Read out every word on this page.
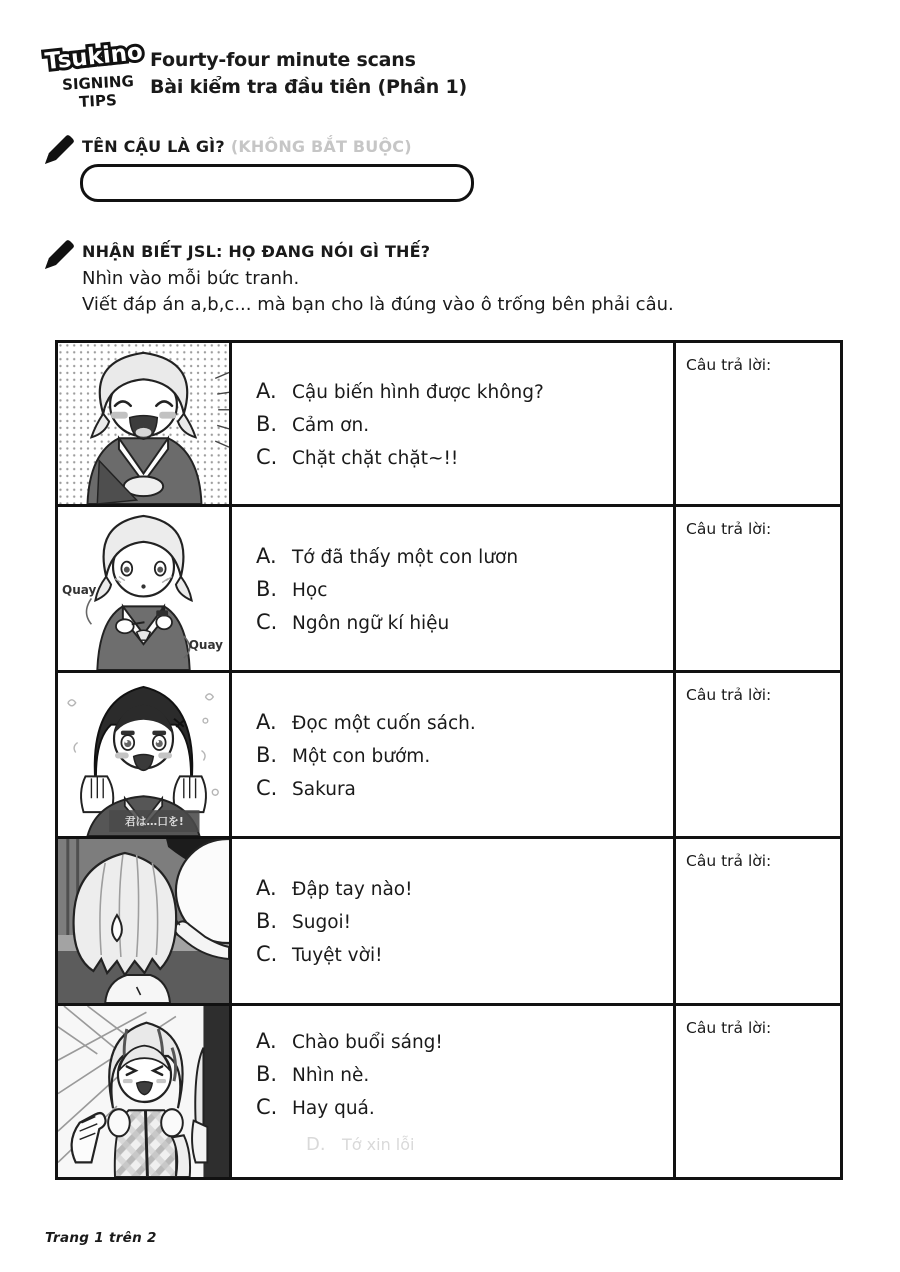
Tsukino
SIGNING
TIPS
Fourty-four minute scans
Bài kiểm tra đầu tiên (Phần 1)
TÊN CẬU LÀ GÌ? (KHÔNG BẮT BUỘC)
NHẬN BIẾT JSL: HỌ ĐANG NÓI GÌ THẾ?
Nhìn vào mỗi bức tranh.
Viết đáp án a,b,c... mà bạn cho là đúng vào ô trống bên phải câu.
A. Cậu biến hình được không?
B. Cảm ơn.
C. Chặt chặt chặt~!!
Câu trả lời:
Quay
Quay
A. Tớ đã thấy một con lươn
B. Học
C. Ngôn ngữ kí hiệu
Câu trả lời:
君は…口を!
A. Đọc một cuốn sách.
B. Một con bướm.
C. Sakura
Câu trả lời:
A. Đập tay nào!
B. Sugoi!
C. Tuyệt vời!
Câu trả lời:
A. Chào buổi sáng!
B. Nhìn nè.
C. Hay quá.
D.	Tớ xin lỗi
Câu trả lời:
Trang 1 trên 2
